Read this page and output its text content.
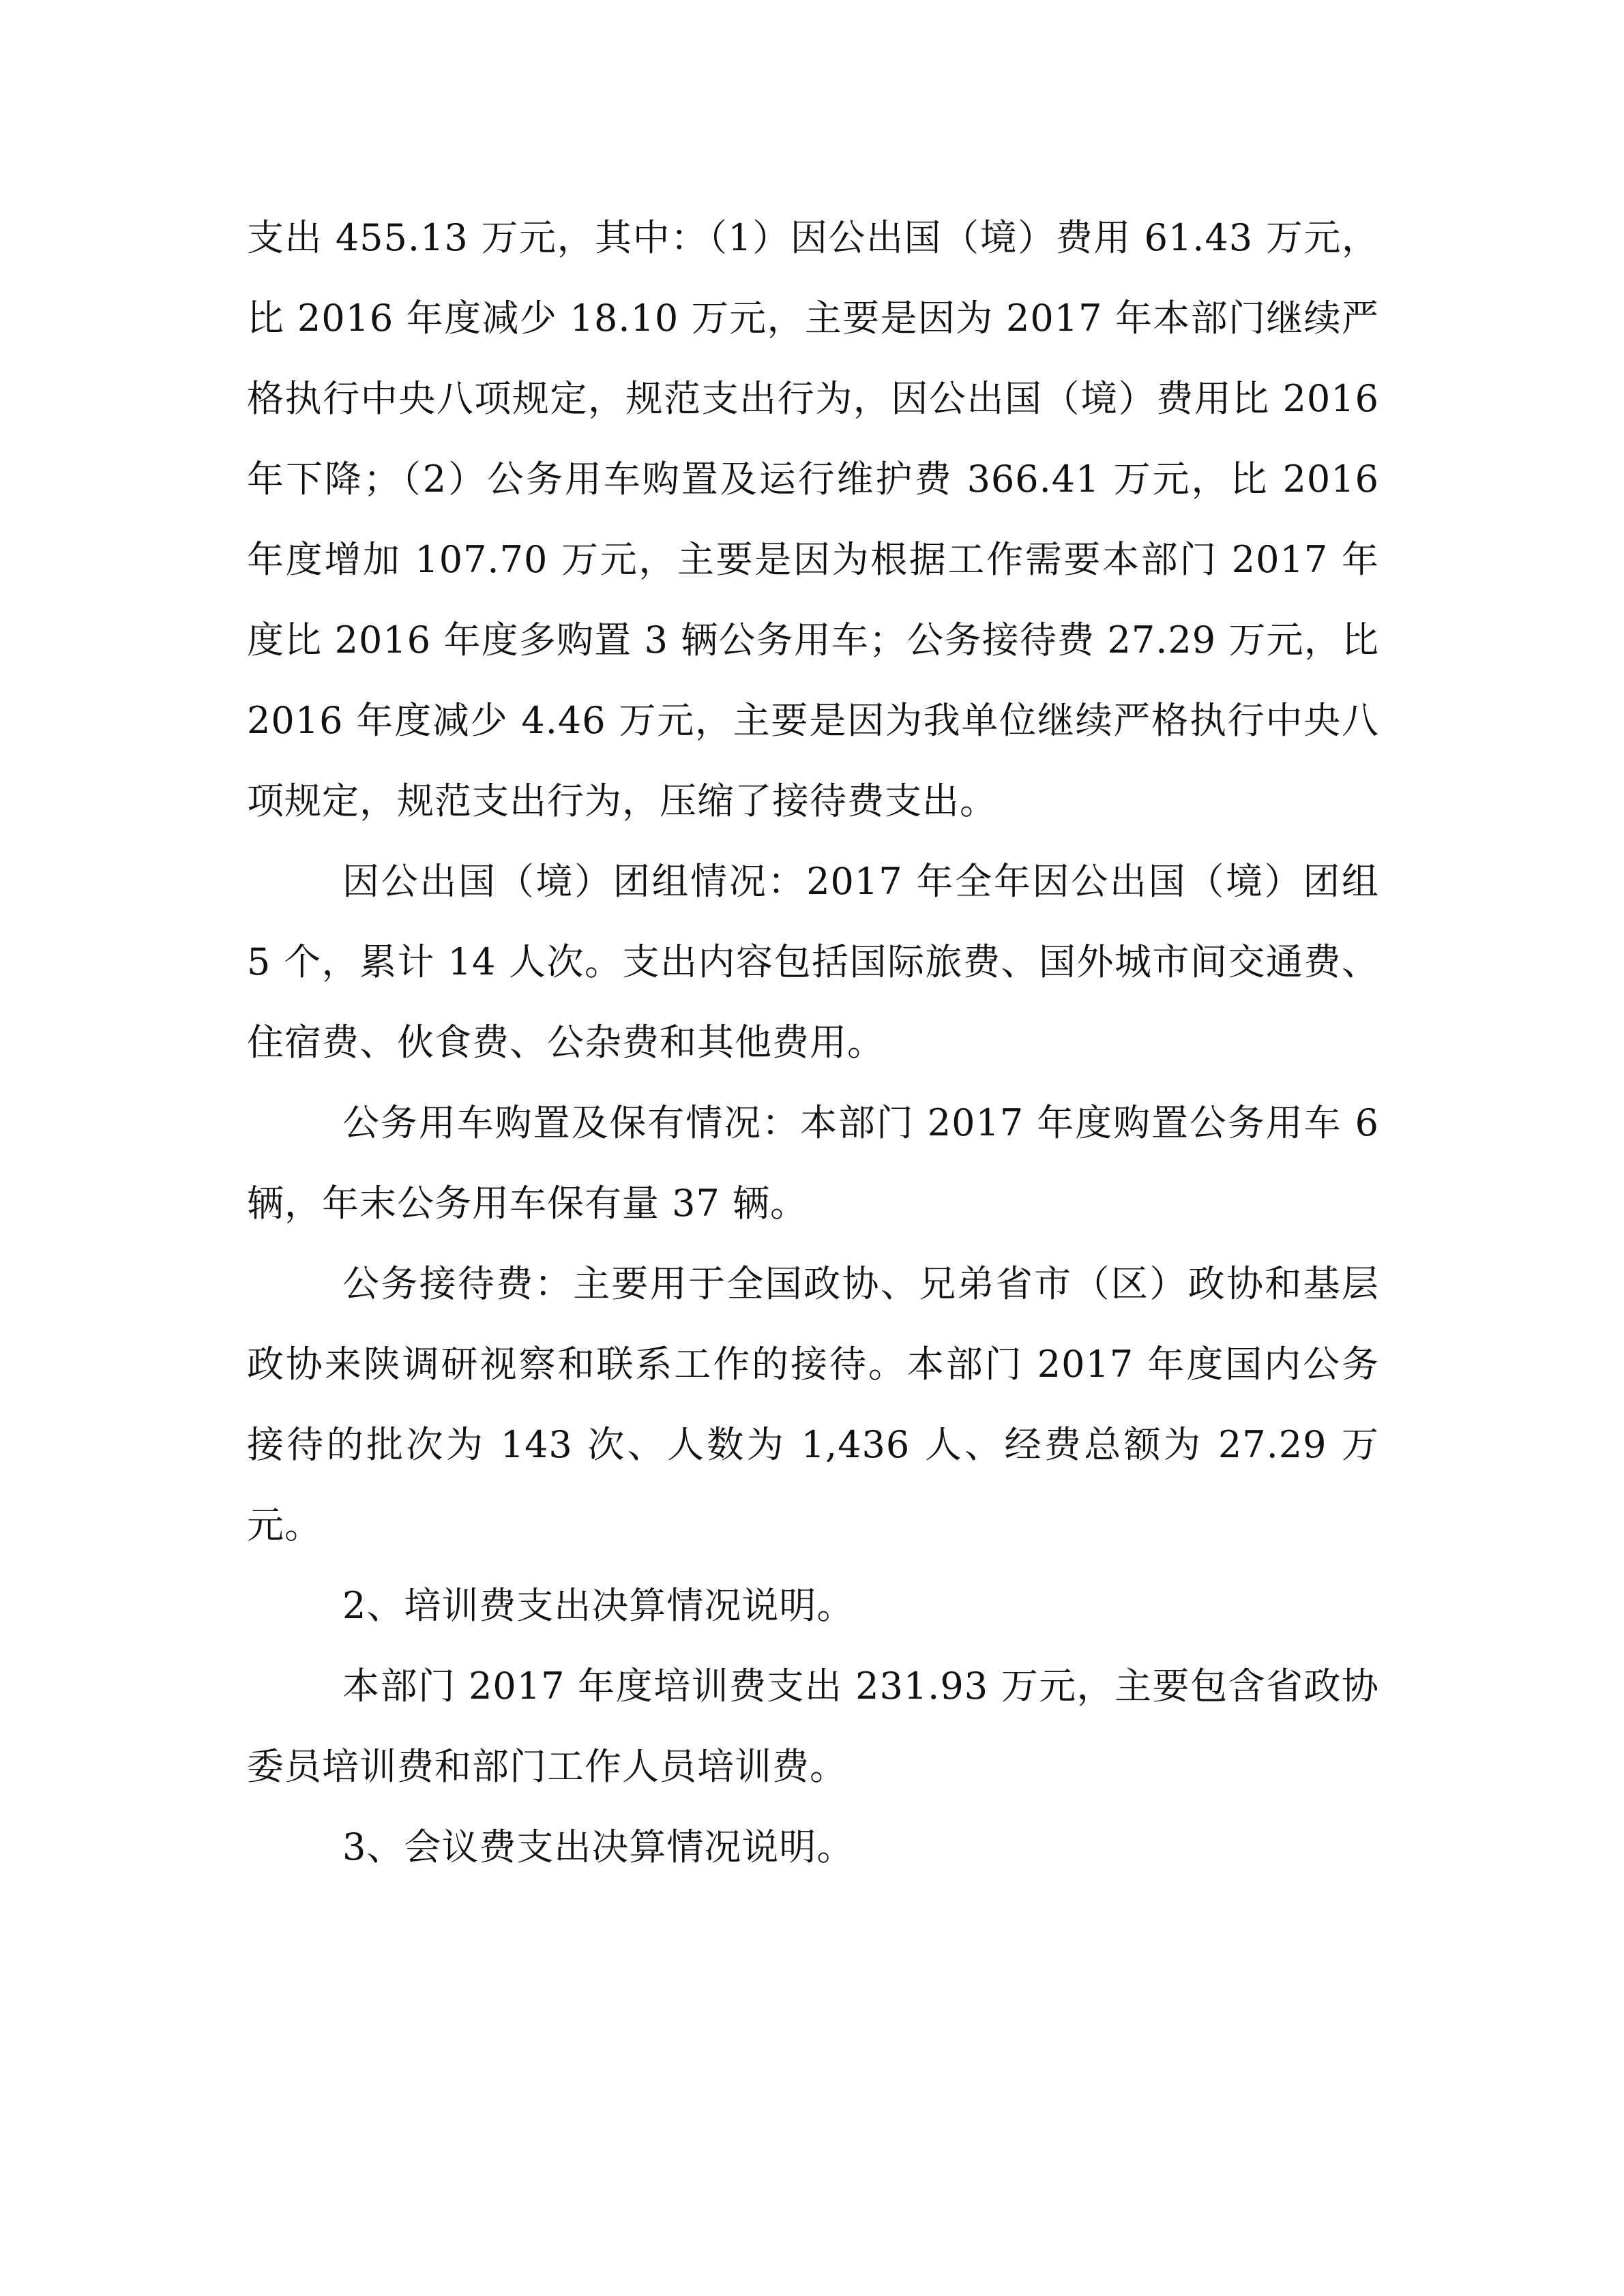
支出 455.13 万元，其中：（1）因公出国（境）费用 61.43 万元，比 2016 年度减少 18.10 万元，主要是因为 2017 年本部门继续严格执行中央八项规定，规范支出行为，因公出国（境）费用比 2016 年下降；（2）公务用车购置及运行维护费 366.41 万元，比 2016 年度增加 107.70 万元，主要是因为根据工作需要本部门 2017 年度比 2016 年度多购置 3 辆公务用车；公务接待费 27.29 万元，比 2016 年度减少 4.46 万元，主要是因为我单位继续严格执行中央八项规定，规范支出行为，压缩了接待费支出。

因公出国（境）团组情况：2017 年全年因公出国（境）团组 5 个，累计 14 人次。支出内容包括国际旅费、国外城市间交通费、住宿费、伙食费、公杂费和其他费用。

公务用车购置及保有情况：本部门 2017 年度购置公务用车 6 辆，年末公务用车保有量 37 辆。

公务接待费：主要用于全国政协、兄弟省市（区）政协和基层政协来陕调研视察和联系工作的接待。本部门 2017 年度国内公务接待的批次为 143 次、人数为 1,436 人、经费总额为 27.29 万元。

2、培训费支出决算情况说明。

本部门 2017 年度培训费支出 231.93 万元，主要包含省政协委员培训费和部门工作人员培训费。

3、会议费支出决算情况说明。
